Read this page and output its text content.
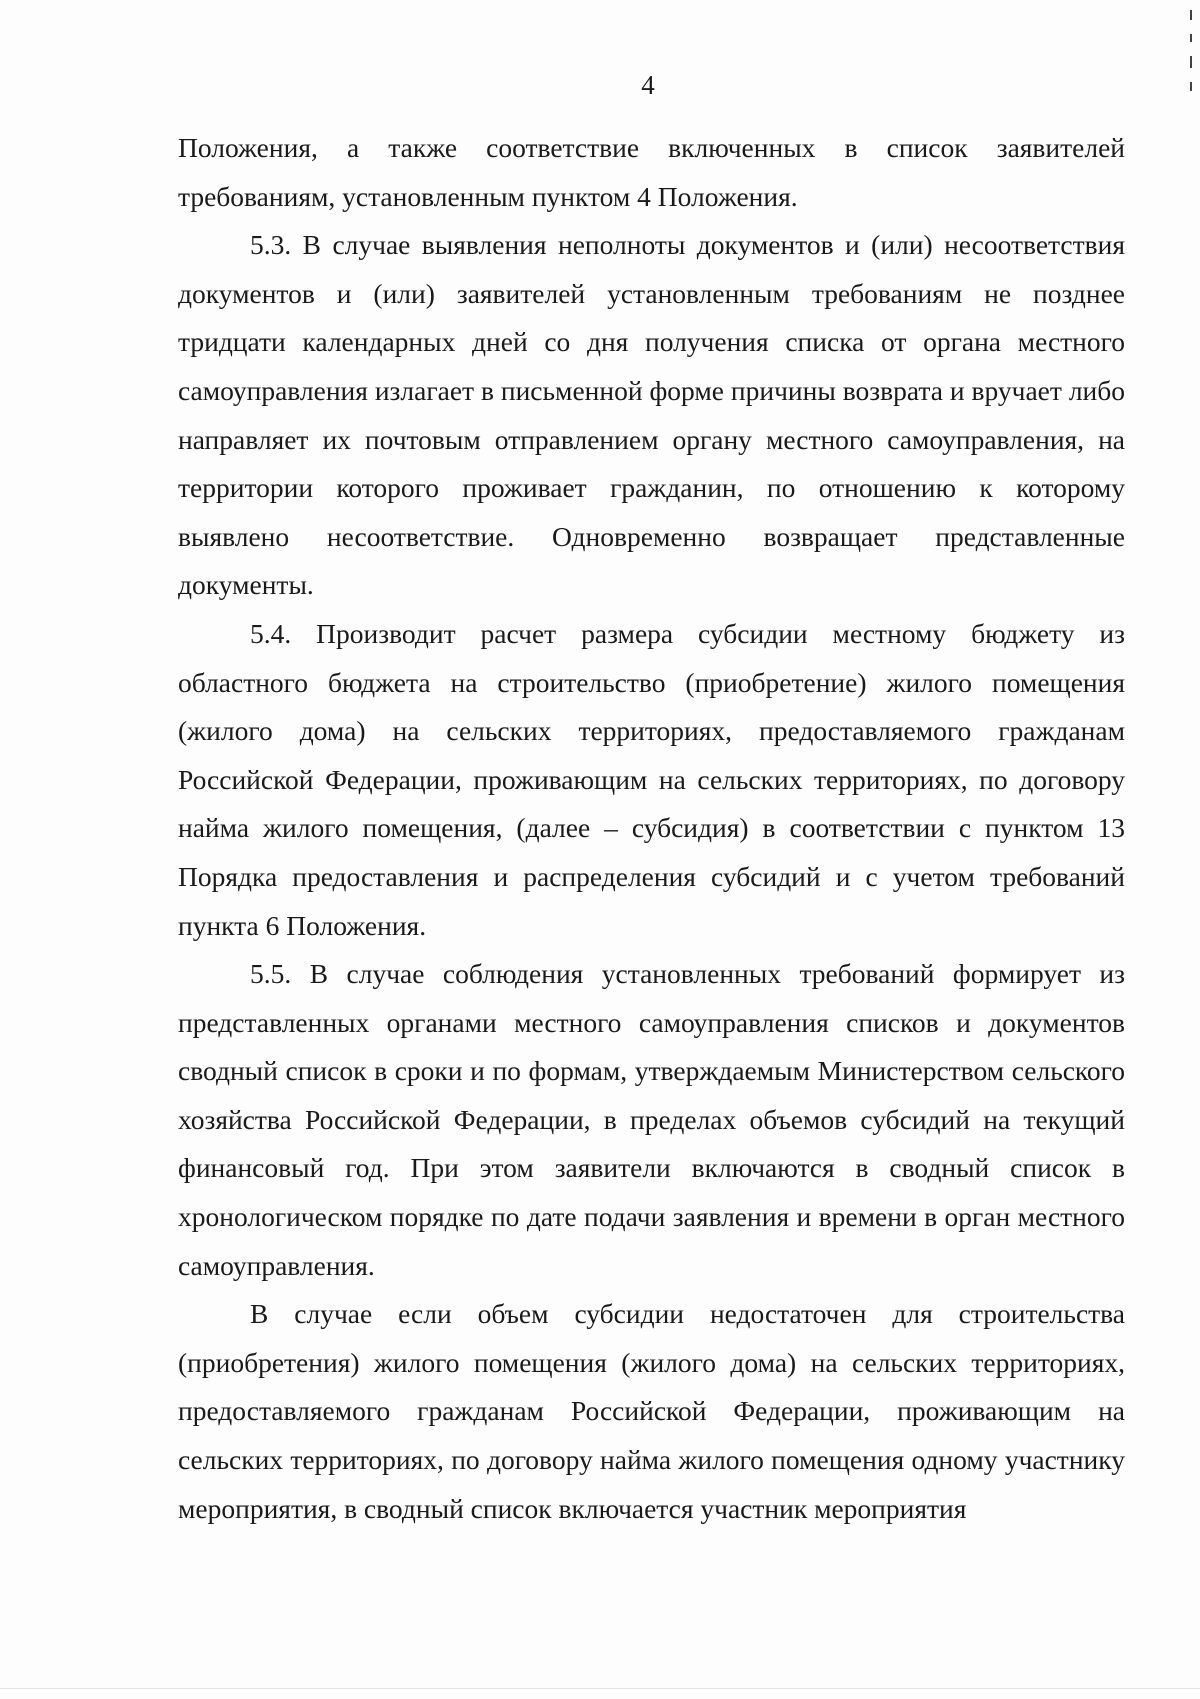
4

Положения, а также соответствие включенных в список заявителей требованиям, установленным пунктом 4 Положения.

5.3. В случае выявления неполноты документов и (или) несоответствия документов и (или) заявителей установленным требованиям не позднее тридцати календарных дней со дня получения списка от органа местного самоуправления излагает в письменной форме причины возврата и вручает либо направляет их почтовым отправлением органу местного самоуправления, на территории которого проживает гражданин, по отношению к которому выявлено несоответствие. Одновременно возвращает представленные документы.

5.4. Производит расчет размера субсидии местному бюджету из областного бюджета на строительство (приобретение) жилого помещения (жилого дома) на сельских территориях, предоставляемого гражданам Российской Федерации, проживающим на сельских территориях, по договору найма жилого помещения, (далее – субсидия) в соответствии с пунктом 13 Порядка предоставления и распределения субсидий и с учетом требований пункта 6 Положения.

5.5. В случае соблюдения установленных требований формирует из представленных органами местного самоуправления списков и документов сводный список в сроки и по формам, утверждаемым Министерством сельского хозяйства Российской Федерации, в пределах объемов субсидий на текущий финансовый год. При этом заявители включаются в сводный список в хронологическом порядке по дате подачи заявления и времени в орган местного самоуправления.

В случае если объем субсидии недостаточен для строительства (приобретения) жилого помещения (жилого дома) на сельских территориях, предоставляемого гражданам Российской Федерации, проживающим на сельских территориях, по договору найма жилого помещения одному участнику мероприятия, в сводный список включается участник мероприятия
